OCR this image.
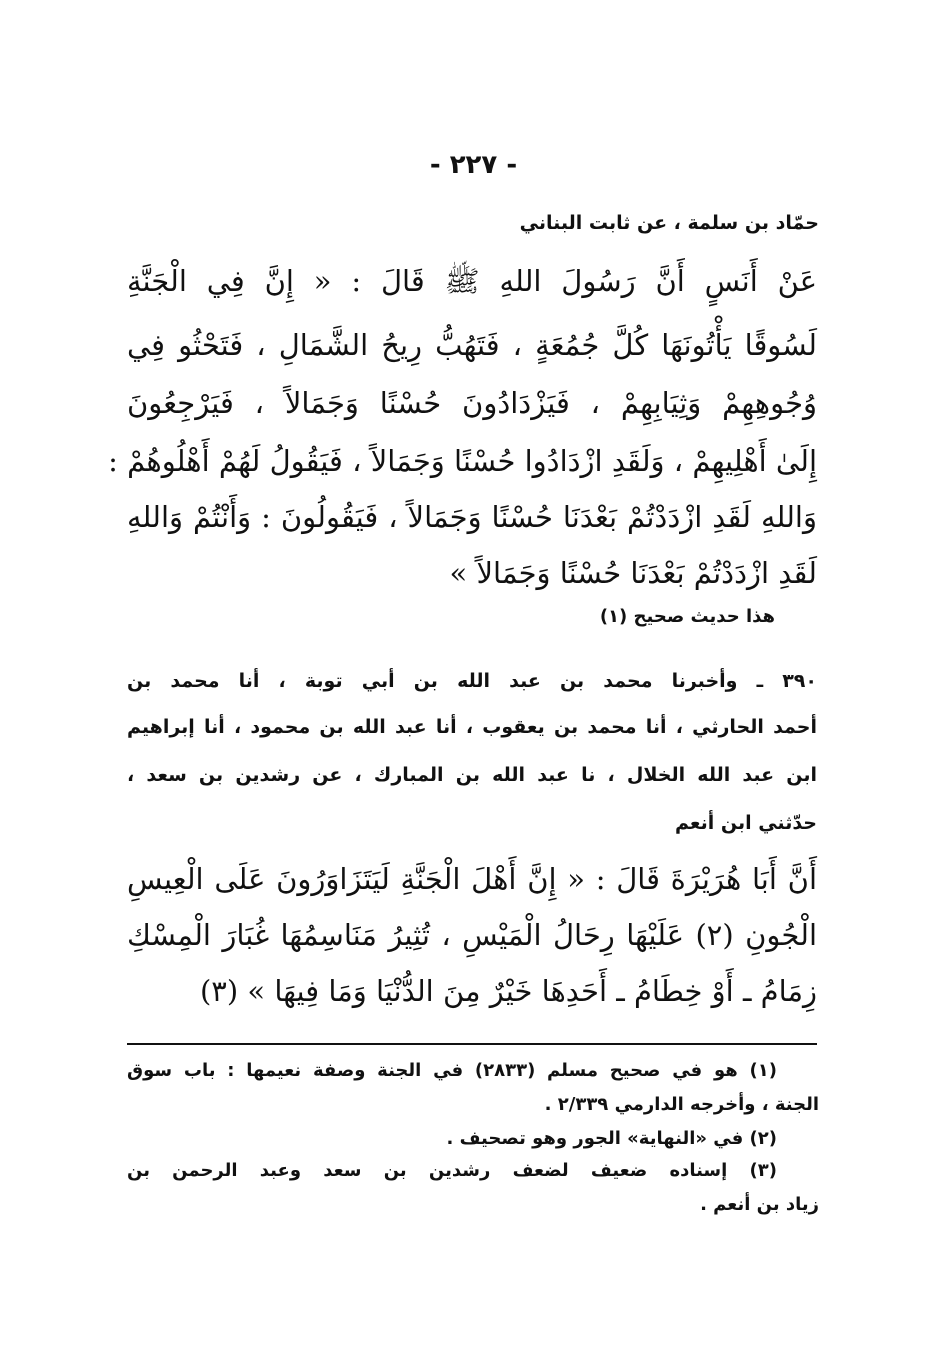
- ٢٢٧ -
حمّاد بن سلمة ، عن ثابت البناني
عَنْ أَنَسٍ أَنَّ رَسُولَ اللهِ ﷺ قَالَ : « إِنَّ فِي الْجَنَّةِ
لَسُوقًا يَأْتُونَهَا كُلَّ جُمُعَةٍ ، فَتَهُبُّ رِيحُ الشَّمَالِ ، فَتَحْثُو فِي
وُجُوهِهِمْ وَثِيَابِهِمْ ، فَيَزْدَادُونَ حُسْنًا وَجَمَالاً ، فَيَرْجِعُونَ
إِلَىٰ أَهْلِيهِمْ ، وَلَقَدِ ازْدَادُوا حُسْنًا وَجَمَالاً ، فَيَقُولُ لَهُمْ أَهْلُوهُمْ :
وَاللهِ لَقَدِ ازْدَدْتُمْ بَعْدَنَا حُسْنًا وَجَمَالاً ، فَيَقُولُونَ : وَأَنْتُمْ وَاللهِ
لَقَدِ ازْدَدْتُمْ بَعْدَنَا حُسْنًا وَجَمَالاً »
هذا حديث صحيح (١)
٣٩٠ ـ وأخبرنا محمد بن عبد الله بن أبي توبة ، أنا محمد بن
أحمد الحارثي ، أنا محمد بن يعقوب ، أنا عبد الله بن محمود ، أنا إبراهيم
ابن عبد الله الخلال ، نا عبد الله بن المبارك ، عن رشدين بن سعد ،
حدّثني ابن أنعم
أَنَّ أَبَا هُرَيْرَةَ قَالَ : « إِنَّ أَهْلَ الْجَنَّةِ لَيَتَزَاوَرُونَ عَلَى الْعِيسِ
الْجُونِ (٢) عَلَيْهَا رِحَالُ الْمَيْسِ ، تُثِيرُ مَنَاسِمُهَا غُبَارَ الْمِسْكِ
زِمَامُ ـ أَوْ خِطَامُ ـ أَحَدِهَا خَيْرٌ مِنَ الدُّنْيَا وَمَا فِيهَا » (٣)
(١) هو في صحيح مسلم (٢٨٣٣) في الجنة وصفة نعيمها : باب سوق
الجنة ، وأخرجه الدارمي ٢/٣٣٩ .
(٢) في «النهاية» الجور وهو تصحيف .
(٣) إسناده ضعيف لضعف رشدين بن سعد وعبد الرحمن بن
زياد بن أنعم .
